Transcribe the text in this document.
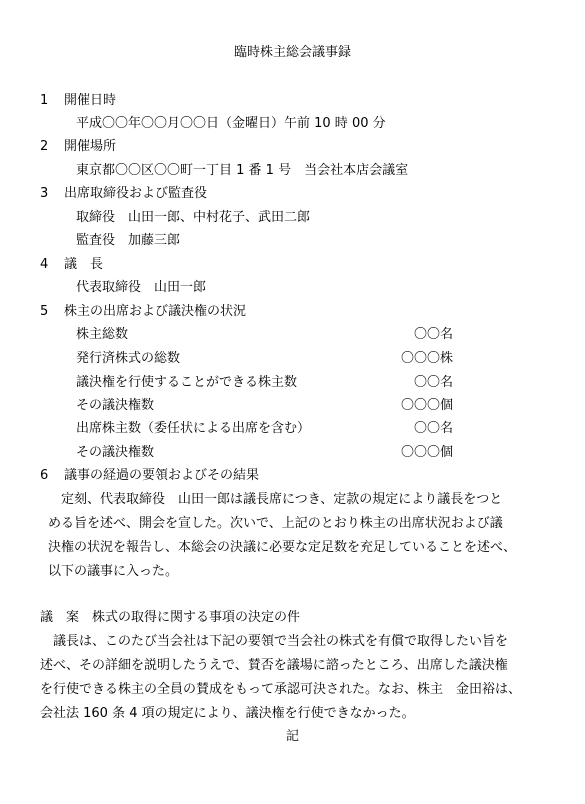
臨時株主総会議事録
1 開催日時
平成〇〇年〇〇月〇〇日（金曜日）午前 10 時 00 分
2 開催場所
東京都〇〇区〇〇町一丁目 1 番 1 号　当会社本店会議室
3 出席取締役および監査役
取締役　山田一郎、中村花子、武田二郎
監査役　加藤三郎
4 議　長
代表取締役　山田一郎
5 株主の出席および議決権の状況
株主総数	〇〇名
発行済株式の総数	〇〇〇株
議決権を行使することができる株主数	〇〇名
その議決権数	〇〇〇個
出席株主数（委任状による出席を含む）	〇〇名
その議決権数	〇〇〇個
6 議事の経過の要領およびその結果
　定刻、代表取締役　山田一郎は議長席につき、定款の規定により議長をつと
める旨を述べ、開会を宣した。次いで、上記のとおり株主の出席状況および議
決権の状況を報告し、本総会の決議に必要な定足数を充足していることを述べ、
以下の議事に入った。
議　案　株式の取得に関する事項の決定の件
　議長は、このたび当会社は下記の要領で当会社の株式を有償で取得したい旨を
述べ、その詳細を説明したうえで、賛否を議場に諮ったところ、出席した議決権
を行使できる株主の全員の賛成をもって承認可決された。なお、株主　金田裕は、
会社法 160 条 4 項の規定により、議決権を行使できなかった。
記
